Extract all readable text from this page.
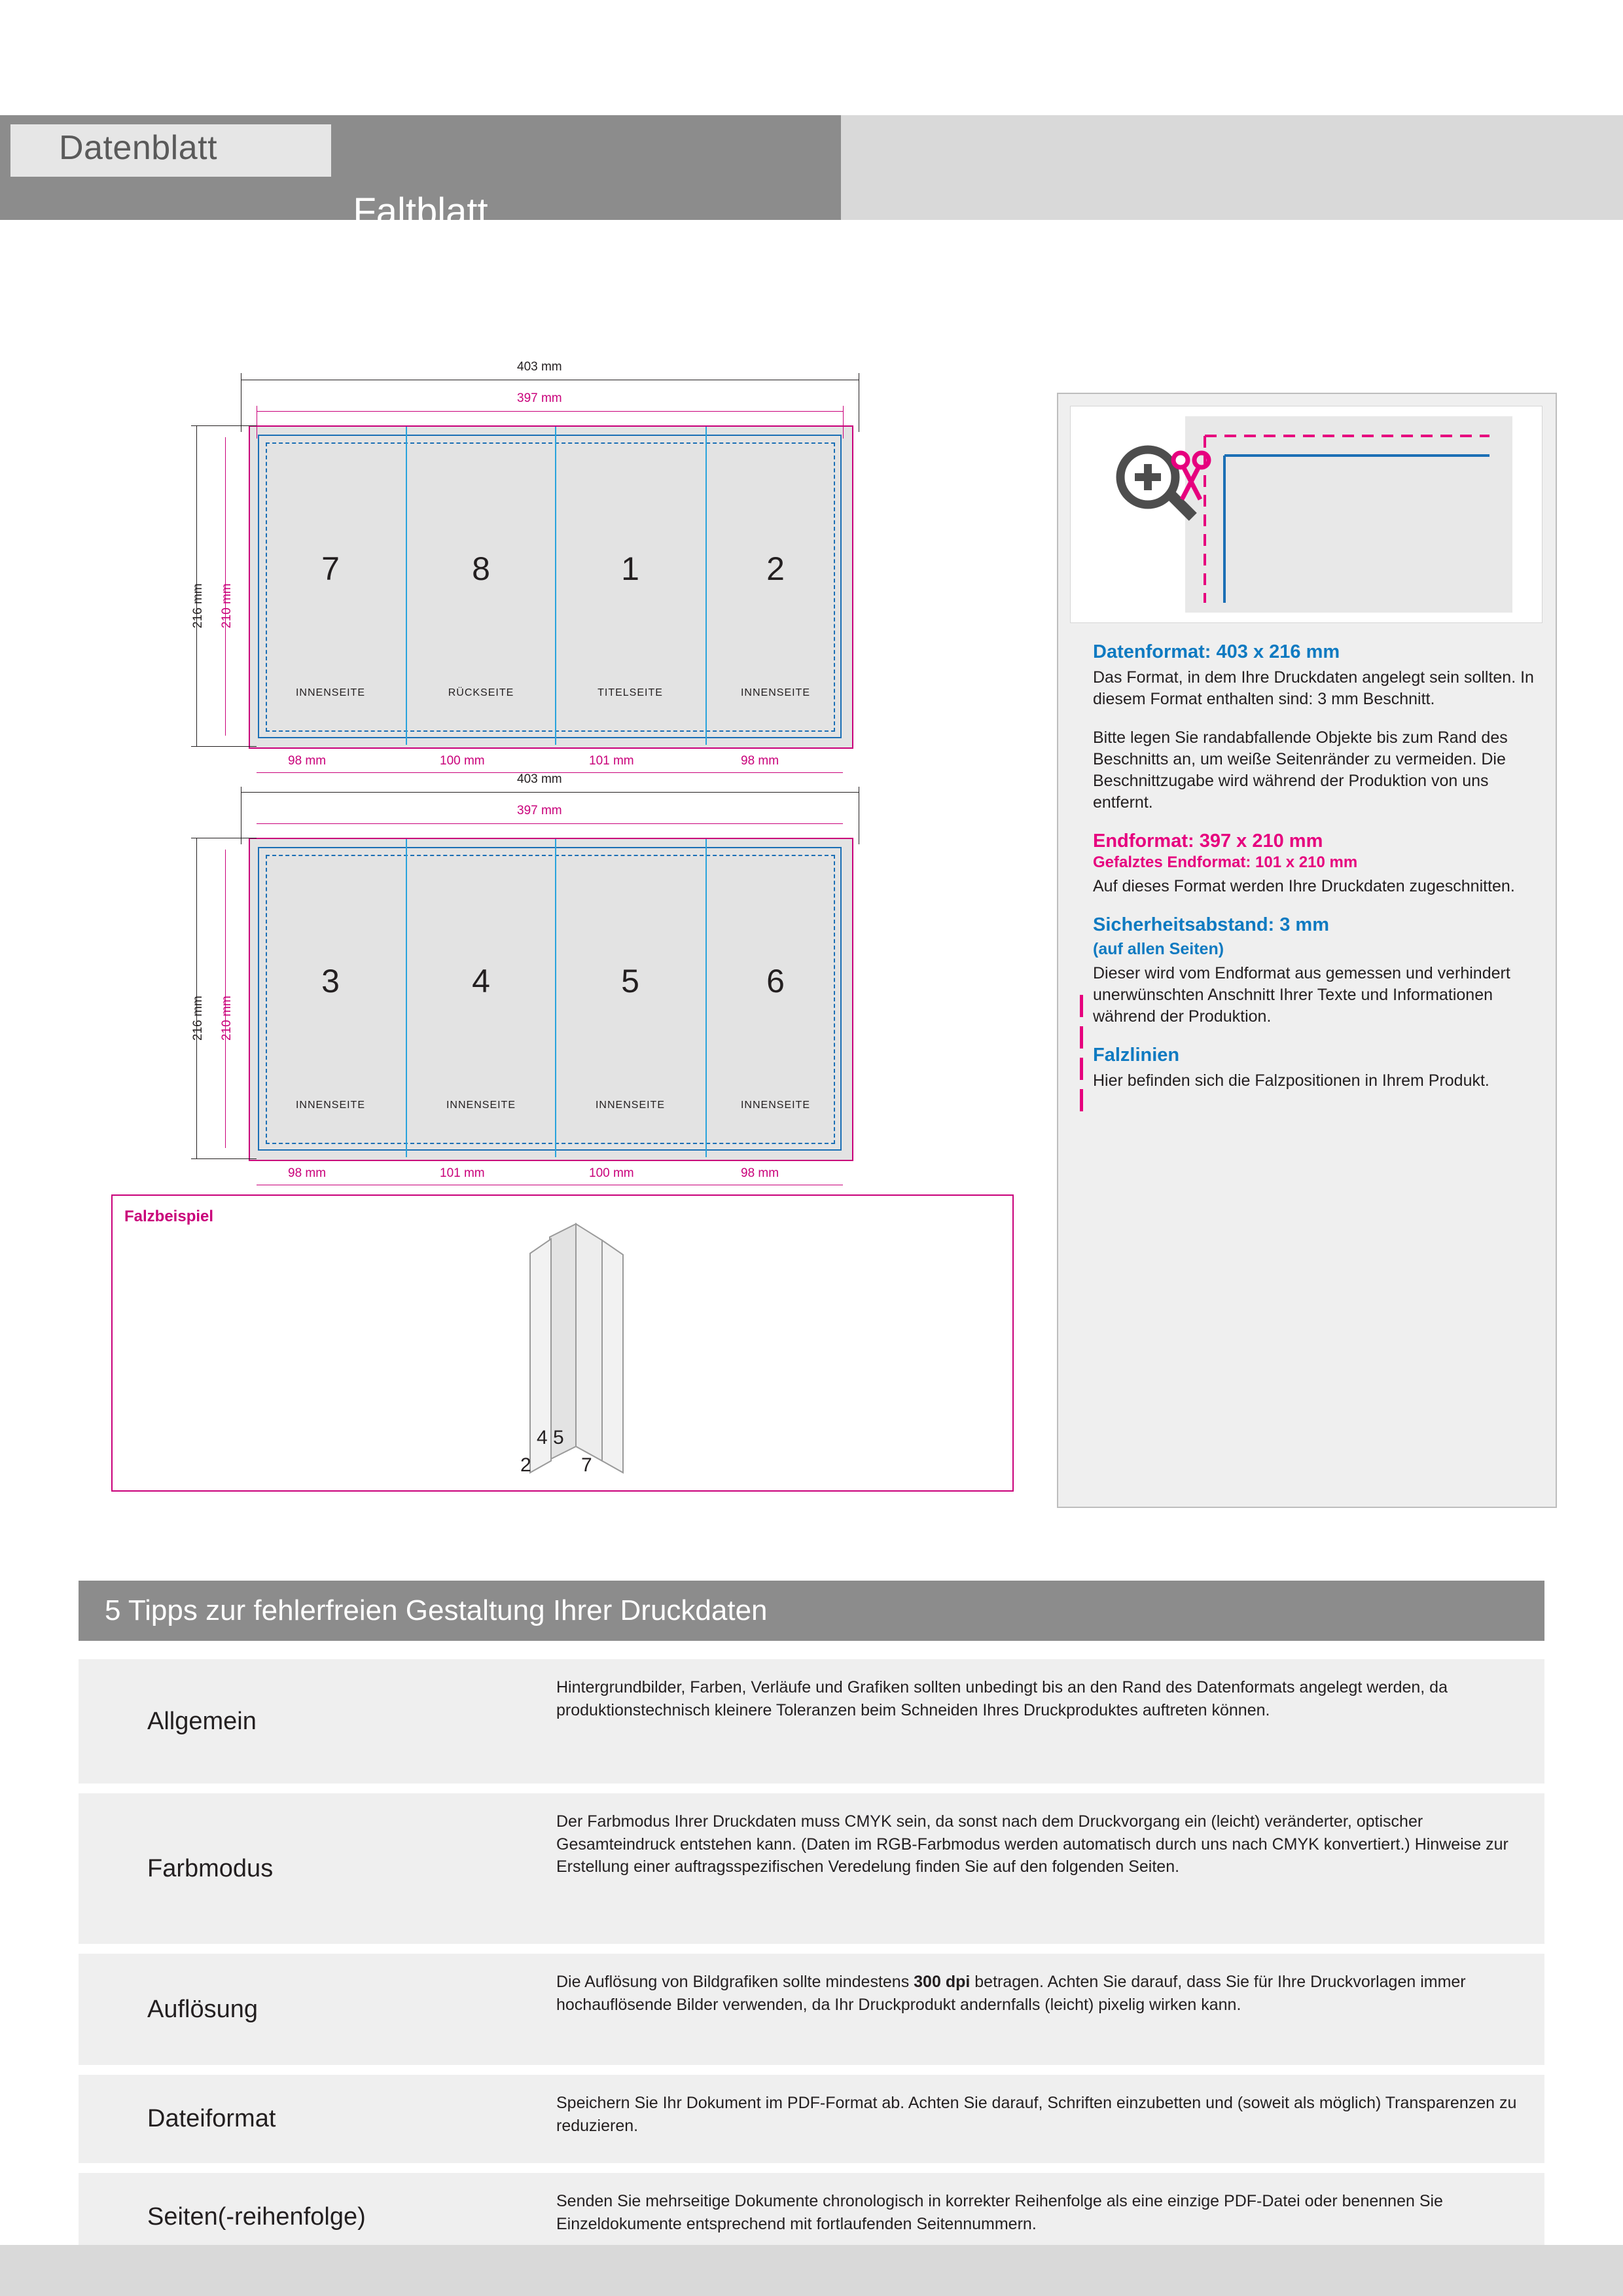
Datenblatt
Faltblatt
DIN lang, 3-Bruch Fensterfalz, 10,1 x 21 cm, 4/4-farbig
7	8	1	2
INNENSEITE	RÜCKSEITE	TITELSEITE	INNENSEITE
403 mm
397 mm
216 mm 210 mm
98 mm	100 mm	101 mm	98 mm
3	4	5	6
INNENSEITE	INNENSEITE	INNENSEITE	INNENSEITE
403 mm
397 mm
216 mm 210 mm
98 mm	101 mm	100 mm	98 mm
Falzbeispiel
4 5
2	7
Datenformat: 403 x 216 mm
Das Format, in dem Ihre Druckdaten angelegt sein sollten. In diesem Format enthalten sind: 3 mm Beschnitt.
Bitte legen Sie randabfallende Objekte bis zum Rand des Beschnitts an, um weiße Seitenränder zu vermeiden. Die Beschnittzugabe wird während der Produktion von uns entfernt.
Endformat: 397 x 210 mm
Gefalztes Endformat: 101 x 210 mm
Auf dieses Format werden Ihre Druckdaten zugeschnitten.
Sicherheitsabstand: 3 mm
(auf allen Seiten)
Dieser wird vom Endformat aus gemessen und verhindert unerwünschten Anschnitt Ihrer Texte und Informationen während der Produktion.
Falzlinien
Hier befinden sich die Falzpositionen in Ihrem Produkt.
5 Tipps zur fehlerfreien Gestaltung Ihrer Druckdaten
Allgemein
Hintergrundbilder, Farben, Verläufe und Grafiken sollten unbedingt bis an den Rand des Datenformats angelegt werden, da produktionstechnisch kleinere Toleranzen beim Schneiden Ihres Druckproduktes auftreten können.
Farbmodus
Der Farbmodus Ihrer Druckdaten muss CMYK sein, da sonst nach dem Druckvorgang ein (leicht) veränderter, optischer Gesamteindruck entstehen kann. (Daten im RGB-Farbmodus werden automatisch durch uns nach CMYK konvertiert.) Hinweise zur Erstellung einer auftragsspezifischen Veredelung finden Sie auf den folgenden Seiten.
Auflösung
Die Auflösung von Bildgrafiken sollte mindestens 300 dpi betragen. Achten Sie darauf, dass Sie für Ihre Druckvorlagen immer hochauflösende Bilder verwenden, da Ihr Druckprodukt andernfalls (leicht) pixelig wirken kann.
Dateiformat
Speichern Sie Ihr Dokument im PDF-Format ab. Achten Sie darauf, Schriften einzubetten und (soweit als möglich) Transparenzen zu reduzieren.
Seiten(-reihenfolge)
Senden Sie mehrseitige Dokumente chronologisch in korrekter Reihenfolge als eine einzige PDF-Datei oder benennen Sie Einzeldokumente entsprechend mit fortlaufenden Seitennummern.
